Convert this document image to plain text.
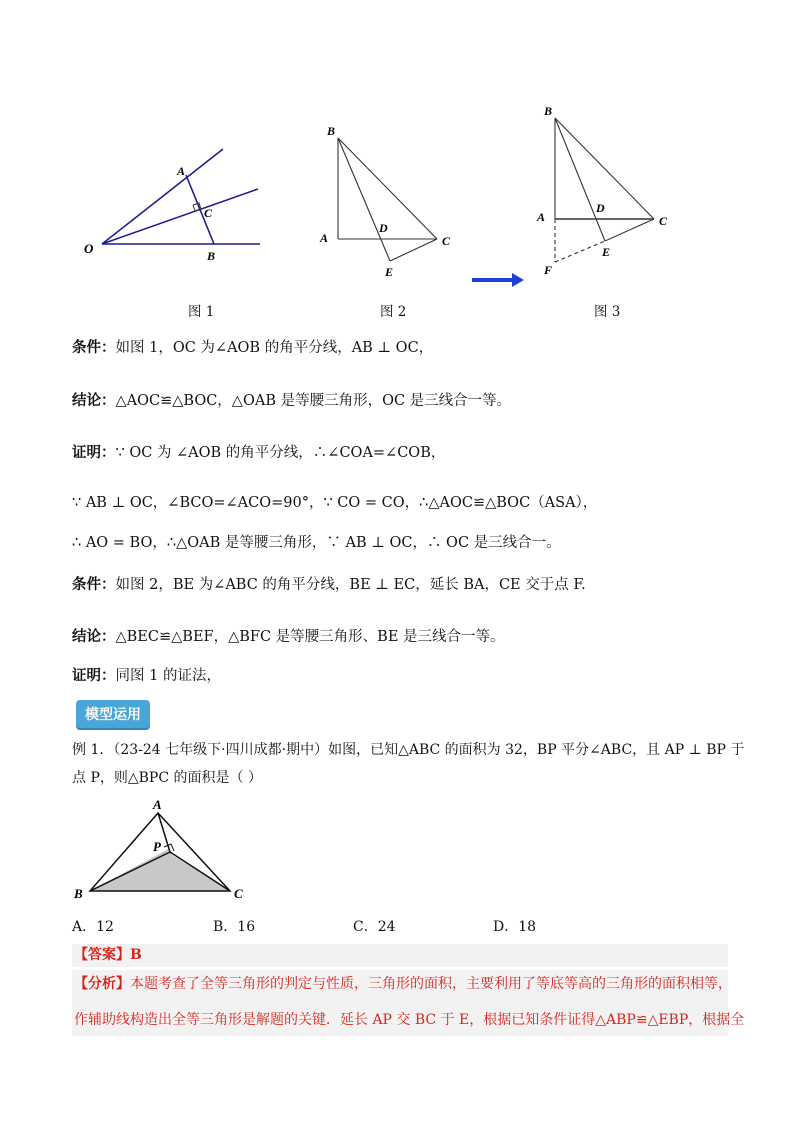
O
A
C
B
图 1
B
A
D
C
E
图 2
B
A
D
C
E
F
图 3
条件：如图 1，OC 为∠AOB 的角平分线，AB ⊥ OC，
结论：△AOC≌△BOC，△OAB 是等腰三角形，OC 是三线合一等。
证明：∵ OC 为 ∠AOB 的角平分线，∴∠COA=∠COB，
∵ AB ⊥ OC，∠BCO=∠ACO=90°，∵ CO = CO，∴△AOC≌△BOC（ASA），
∴ AO = BO，∴△OAB 是等腰三角形，∵ AB ⊥ OC，∴ OC 是三线合一。
条件：如图 2，BE 为∠ABC 的角平分线，BE ⊥ EC，延长 BA，CE 交于点 F.
结论：△BEC≌△BEF，△BFC 是等腰三角形、BE 是三线合一等。
证明：同图 1 的证法，
模型运用
例 1．（23-24 七年级下·四川成都·期中）如图，已知△ABC 的面积为 32，BP 平分∠ABC，且 AP ⊥ BP 于
点 P，则△BPC 的面积是（ ）
A
P
B	C
A．12	B．16	C．24	D．18
【答案】B
【分析】本题考查了全等三角形的判定与性质，三角形的面积，主要利用了等底等高的三角形的面积相等，
作辅助线构造出全等三角形是解题的关键．延长 AP 交 BC 于 E，根据已知条件证得△ABP≌△EBP，根据全
